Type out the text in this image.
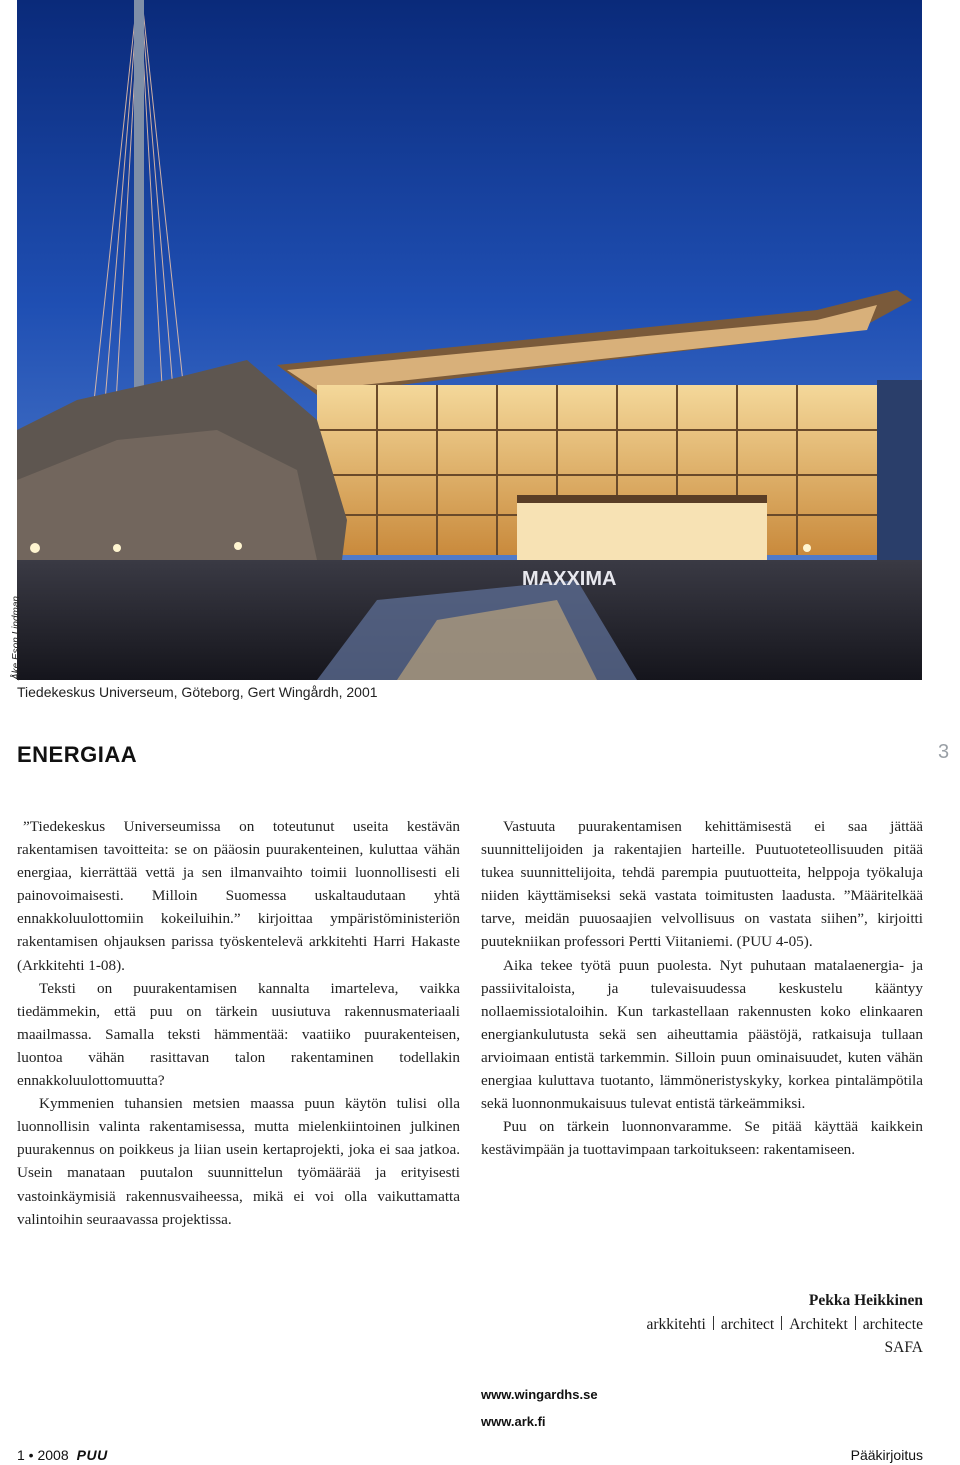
MAXXIMA
Åke Eson Lindman
Tiedekeskus Universeum, Göteborg, Gert Wingårdh, 2001
3
ENERGIAA

”Tiedekeskus Universeumissa on toteutunut useita kestävän rakentamisen tavoitteita: se on pääosin puurakenteinen, kuluttaa vähän energiaa, kierrättää vettä ja sen ilmanvaihto toimii luonnollisesti eli painovoimaisesti. Milloin Suomessa uskaltaudutaan yhtä ennakkoluulottomiin kokeiluihin.” kirjoittaa ympäristöministeriön rakentamisen ohjauksen parissa työskentelevä arkkitehti Harri Hakaste (Arkkitehti 1-08).

Teksti on puurakentamisen kannalta imarteleva, vaikka tiedämmekin, että puu on tärkein uusiutuva rakennusmateriaali maailmassa. Samalla teksti hämmentää: vaatiiko puurakenteisen, luontoa vähän rasittavan talon rakentaminen todellakin ennakkoluulottomuutta?

Kymmenien tuhansien metsien maassa puun käytön tulisi olla luonnollisin valinta rakentamisessa, mutta mielenkiintoinen julkinen puurakennus on poikkeus ja liian usein kertaprojekti, joka ei saa jatkoa. Usein manataan puutalon suunnittelun työmäärää ja erityisesti vastoinkäymisiä rakennusvaiheessa, mikä ei voi olla vaikuttamatta valintoihin seuraavassa projektissa.

Vastuuta puurakentamisen kehittämisestä ei saa jättää suunnittelijoiden ja rakentajien harteille. Puutuoteteollisuuden pitää tukea suunnittelijoita, tehdä parempia puutuotteita, helppoja työkaluja niiden käyttämiseksi sekä vastata toimitusten laadusta. ”Määritelkää tarve, meidän puuosaajien velvollisuus on vastata siihen”, kirjoitti puutekniikan professori Pertti Viitaniemi. (PUU 4-05).

Aika tekee työtä puun puolesta. Nyt puhutaan matalaenergia- ja passiivitaloista, ja tulevaisuudessa keskustelu kääntyy nollaemissiotaloihin. Kun tarkastellaan rakennusten koko elinkaaren energiankulutusta sekä sen aiheuttamia päästöjä, ratkaisuja tullaan arvioimaan entistä tarkemmin. Silloin puun ominaisuudet, kuten vähän energiaa kuluttava tuotanto, lämmöneristyskyky, korkea pintalämpötila sekä luonnonmukaisuus tulevat entistä tärkeämmiksi.

Puu on tärkein luonnonvaramme. Se pitää käyttää kaikkein kestävimpään ja tuottavimpaan tarkoitukseen: rakentamiseen.

Pekka Heikkinen
arkkitehti architect Architekt architecte
SAFA
www.wingardhs.se
www.ark.fi
1 • 2008 PUU	Pääkirjoitus
